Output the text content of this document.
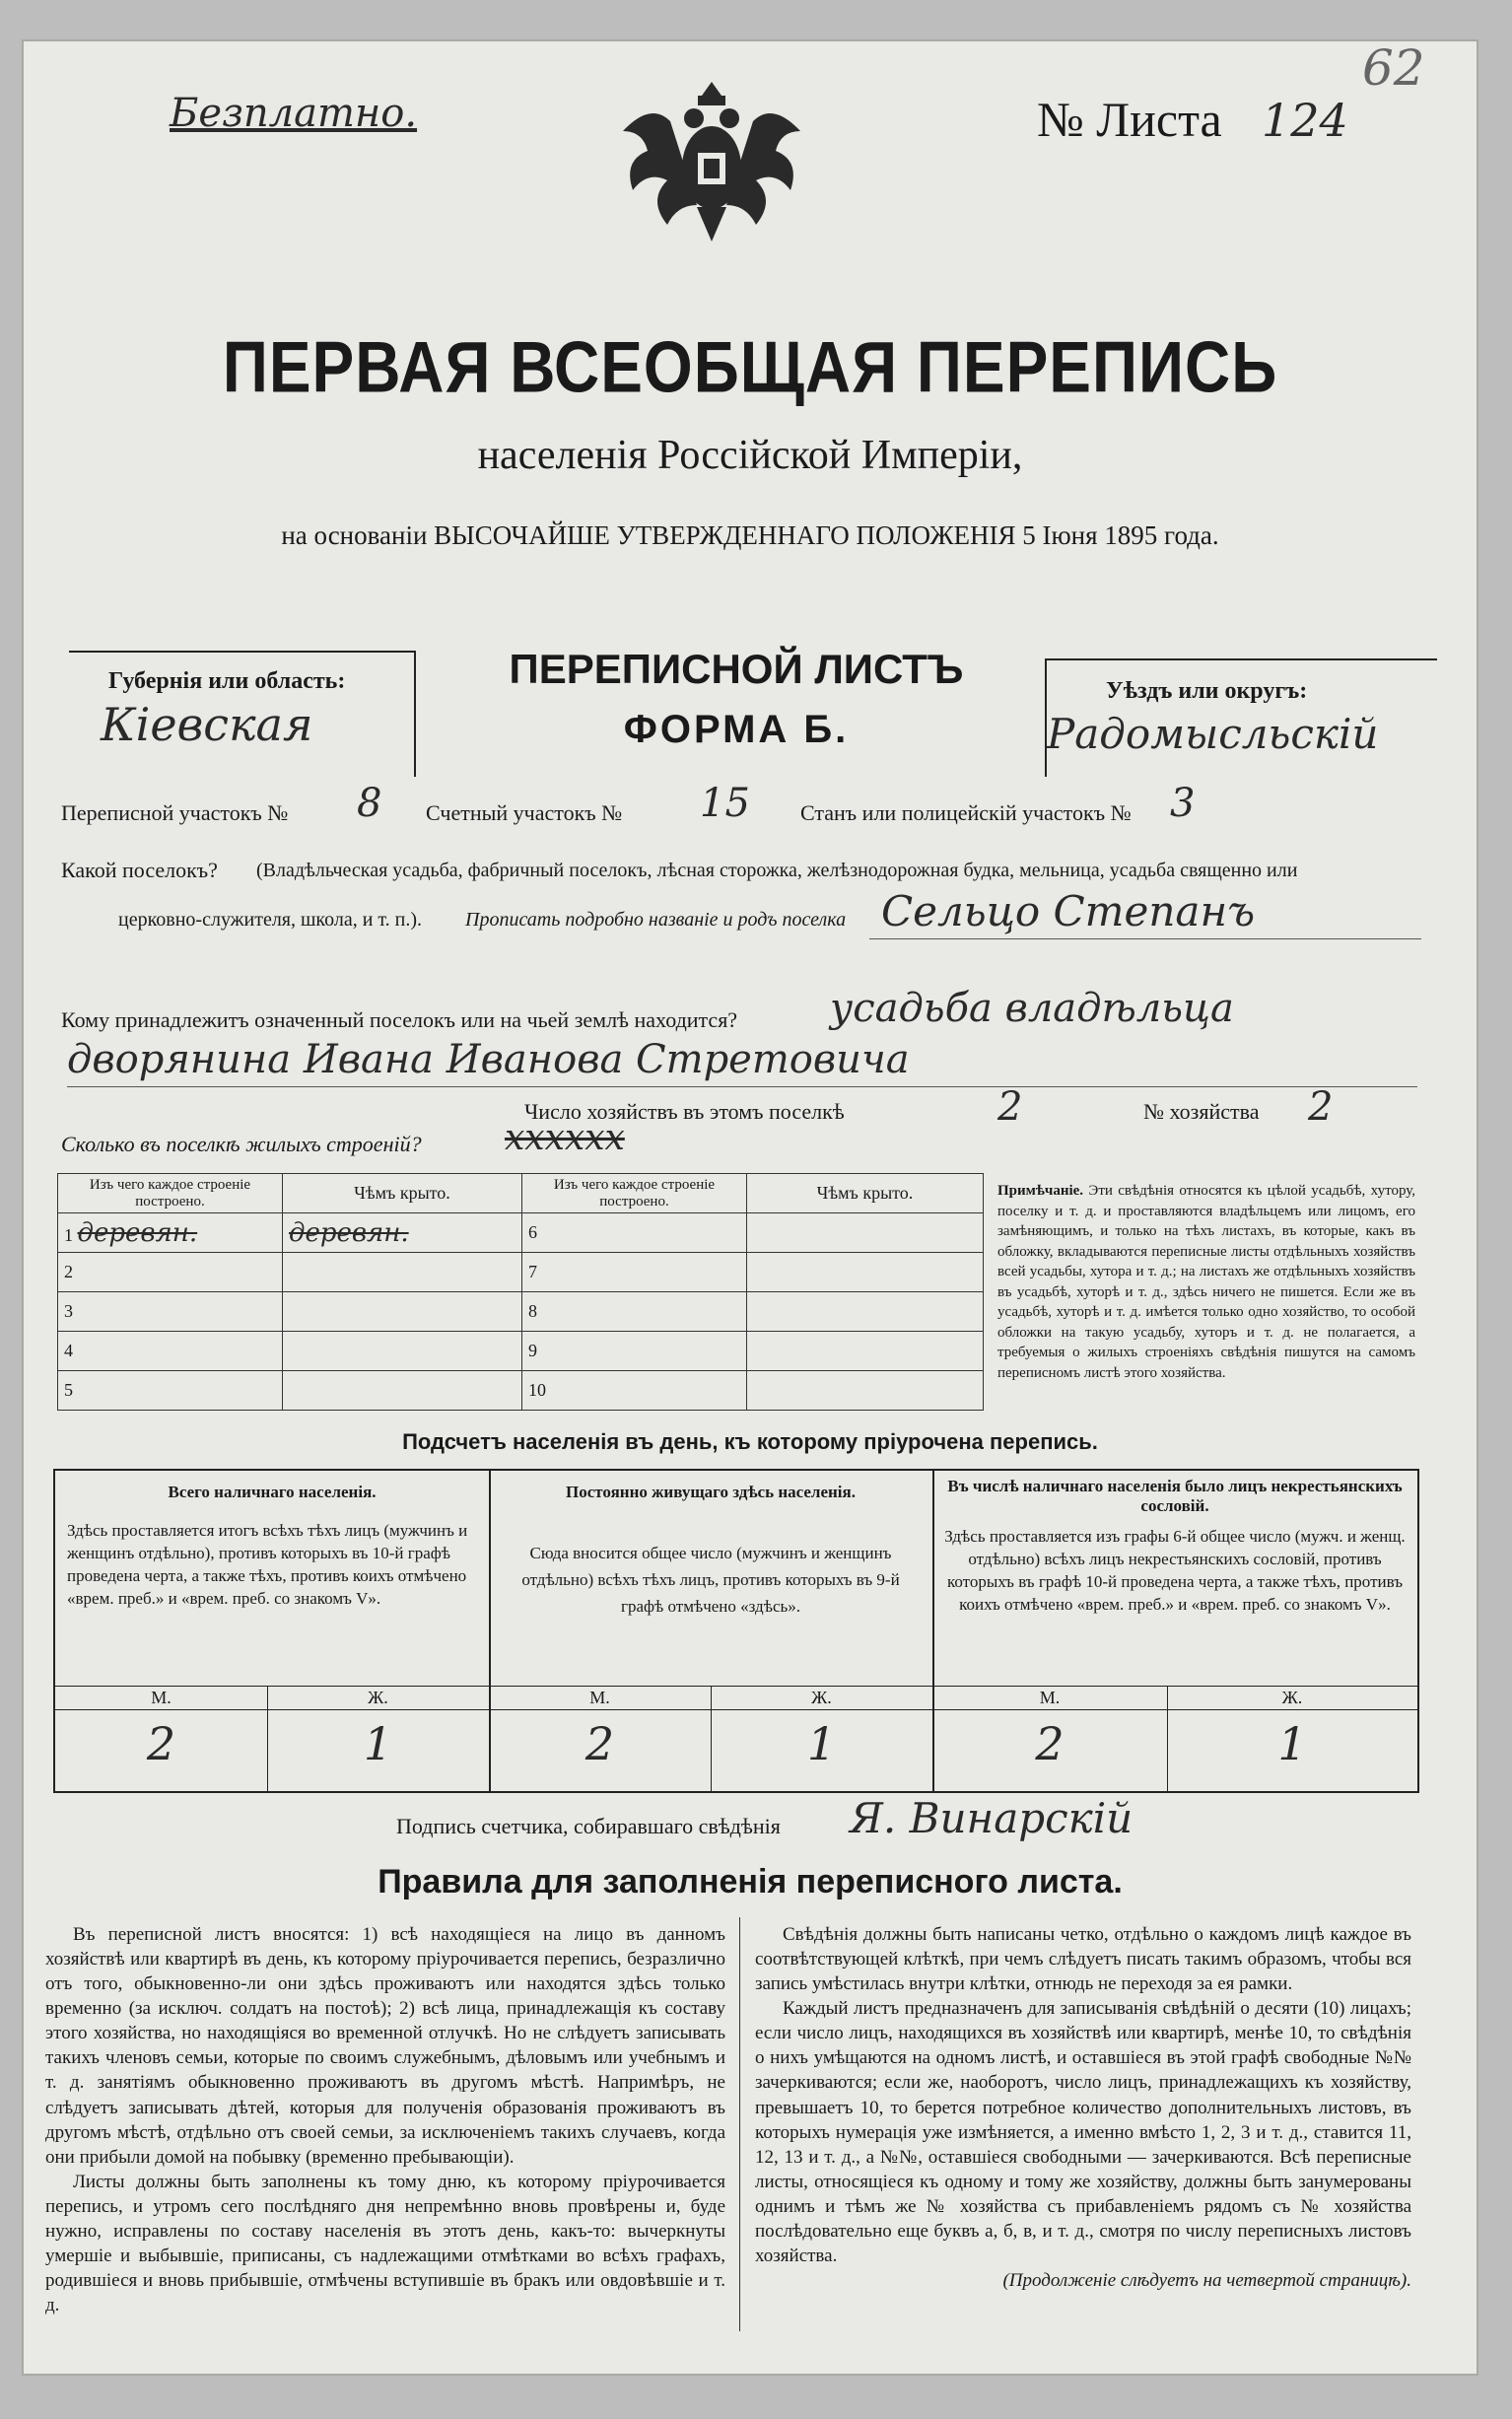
Безплатно.	№ Листа 124
62
ПЕРВАЯ ВСЕОБЩАЯ ПЕРЕПИСЬ
населенія Россійской Имперіи,
на основаніи ВЫСОЧАЙШЕ УТВЕРЖДЕННАГО ПОЛОЖЕНІЯ 5 Іюня 1895 года.
Губернія или область:
Кіевская
ПЕРЕПИСНОЙ ЛИСТЪ
ФОРМА Б.
Уѣздъ или округъ:
Радомысльскій
Переписной участокъ № 8 Счетный участокъ № 15 Станъ или полицейскій участокъ № 3
Какой поселокъ? (Владѣльческая усадьба, фабричный поселокъ, лѣсная сторожка, желѣзнодорожная будка, мельница, усадьба священно или
церковно-служителя, школа, и т. п.). Прописать подробно названіе и родъ поселка Сельцо Степанъ
Кому принадлежитъ означенный поселокъ или на чьей землѣ находится? усадьба владѣльца
дворянина Ивана Иванова Стретовича
Число хозяйствъ въ этомъ поселкѣ	2	№ хозяйства 2
Сколько въ поселкѣ жилыхъ строеній? xxxxxx
Изъ чего каждое строеніе построено.	Чѣмъ крыто.	Изъ чего каждое строеніе построено.	Чѣмъ крыто.
1 деревян.	деревян.	6	
2		7	
3		8	
4		9	
5		10	
Примѣчаніе. Эти свѣдѣнія относятся къ цѣлой усадьбѣ, хутору, поселку и т. д. и проставляются владѣльцемъ или лицомъ, его замѣняющимъ, и только на тѣхъ листахъ, въ которые, какъ въ обложку, вкладываются переписные листы отдѣльныхъ хозяйствъ всей усадьбы, хутора и т. д.; на листахъ же отдѣльныхъ хозяйствъ въ усадьбѣ, хуторѣ и т. д., здѣсь ничего не пишется. Если же въ усадьбѣ, хуторѣ и т. д. имѣется только одно хозяйство, то особой обложки на такую усадьбу, хуторъ и т. д. не полагается, а требуемыя о жилыхъ строеніяхъ свѣдѣнія пишутся на самомъ переписномъ листѣ этого хозяйства.
Подсчетъ населенія въ день, къ которому пріурочена перепись.
Всего наличнаго населенія.
Здѣсь проставляется итогъ всѣхъ тѣхъ лицъ (мужчинъ и женщинъ отдѣльно), противъ которыхъ въ 10-й графѣ проведена черта, а также тѣхъ, противъ коихъ отмѣчено «врем. преб.» и «врем. преб. со знакомъ V».
Постоянно живущаго здѣсь населенія.
Сюда вносится общее число (мужчинъ и женщинъ отдѣльно) всѣхъ тѣхъ лицъ, противъ которыхъ въ 9-й графѣ отмѣчено «здѣсь».
Въ числѣ наличнаго населенія было лицъ некрестьянскихъ сословій.
Здѣсь проставляется изъ графы 6-й общее число (мужч. и женщ. отдѣльно) всѣхъ лицъ некрестьянскихъ сословій, противъ которыхъ въ графѣ 10-й проведена черта, а также тѣхъ, противъ коихъ отмѣчено «врем. преб.» и «врем. преб. со знакомъ V».
М.	Ж.	М.	Ж.	М.	Ж.
2	1	2	1	2	1
Подпись счетчика, собиравшаго свѣдѣнія Я. Винарскій
Правила для заполненія переписного листа.
Въ переписной листъ вносятся: 1) всѣ находящіеся на лицо въ данномъ хозяйствѣ или квартирѣ въ день, къ которому пріурочивается перепись, безразлично отъ того, обыкновенно-ли они здѣсь проживаютъ или находятся здѣсь только временно (за исключ. солдатъ на постоѣ); 2) всѣ лица, принадлежащія къ составу этого хозяйства, но находящіяся во временной отлучкѣ. Но не слѣдуетъ записывать такихъ членовъ семьи, которые по своимъ служебнымъ, дѣловымъ или учебнымъ и т. д. занятіямъ обыкновенно проживаютъ въ другомъ мѣстѣ. Напримѣръ, не слѣдуетъ записывать дѣтей, которыя для полученія образованія проживаютъ въ другомъ мѣстѣ, отдѣльно отъ своей семьи, за исключеніемъ такихъ случаевъ, когда они прибыли домой на побывку (временно пребывающіи).
Листы должны быть заполнены къ тому дню, къ которому пріурочивается перепись, и утромъ сего послѣдняго дня непремѣнно вновь провѣрены и, буде нужно, исправлены по составу населенія въ этотъ день, какъ-то: вычеркнуты умершіе и выбывшіе, приписаны, съ надлежащими отмѣтками во всѣхъ графахъ, родившіеся и вновь прибывшіе, отмѣчены вступившіе въ бракъ или овдовѣвшіе и т. д.
Свѣдѣнія должны быть написаны четко, отдѣльно о каждомъ лицѣ каждое въ соотвѣтствующей клѣткѣ, при чемъ слѣдуетъ писать такимъ образомъ, чтобы вся запись умѣстилась внутри клѣтки, отнюдь не переходя за ея рамки.
Каждый листъ предназначенъ для записыванія свѣдѣній о десяти (10) лицахъ; если число лицъ, находящихся въ хозяйствѣ или квартирѣ, менѣе 10, то свѣдѣнія о нихъ умѣщаются на одномъ листѣ, и оставшіеся въ этой графѣ свободные №№ зачеркиваются; если же, наоборотъ, число лицъ, принадлежащихъ къ хозяйству, превышаетъ 10, то берется потребное количество дополнительныхъ листовъ, въ которыхъ нумерація уже измѣняется, а именно вмѣсто 1, 2, 3 и т. д., ставится 11, 12, 13 и т. д., а №№, оставшіеся свободными — зачеркиваются. Всѣ переписные листы, относящіеся къ одному и тому же хозяйству, должны быть занумерованы однимъ и тѣмъ же № хозяйства съ прибавленіемъ рядомъ съ № хозяйства послѣдовательно еще буквъ а, б, в, и т. д., смотря по числу переписныхъ листовъ хозяйства.
(Продолженіе слѣдуетъ на четвертой страницѣ).
